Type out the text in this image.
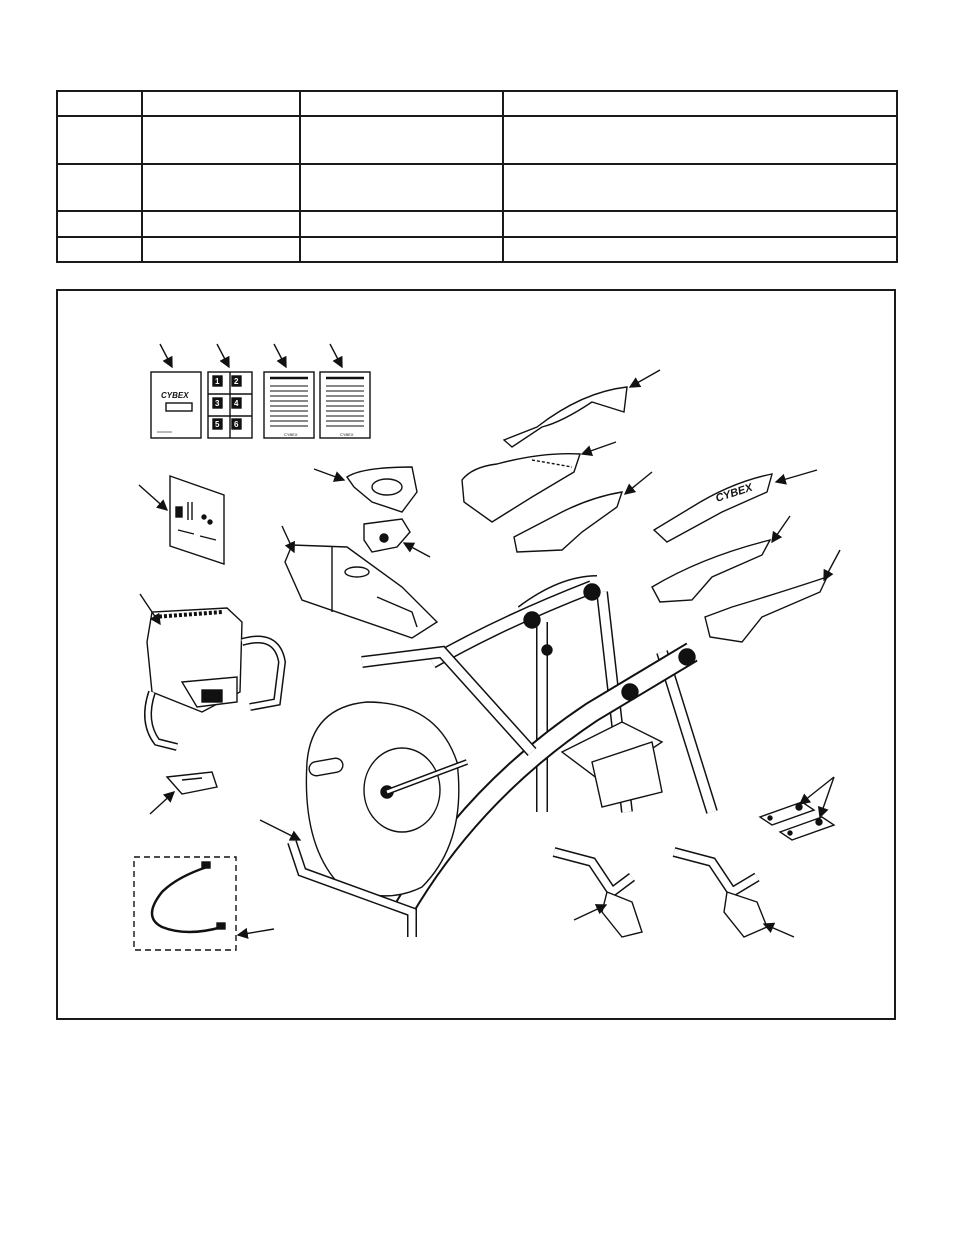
CYBEX
1 2
3 4
5 6
CYBEX	CYBEX
CYBEX
